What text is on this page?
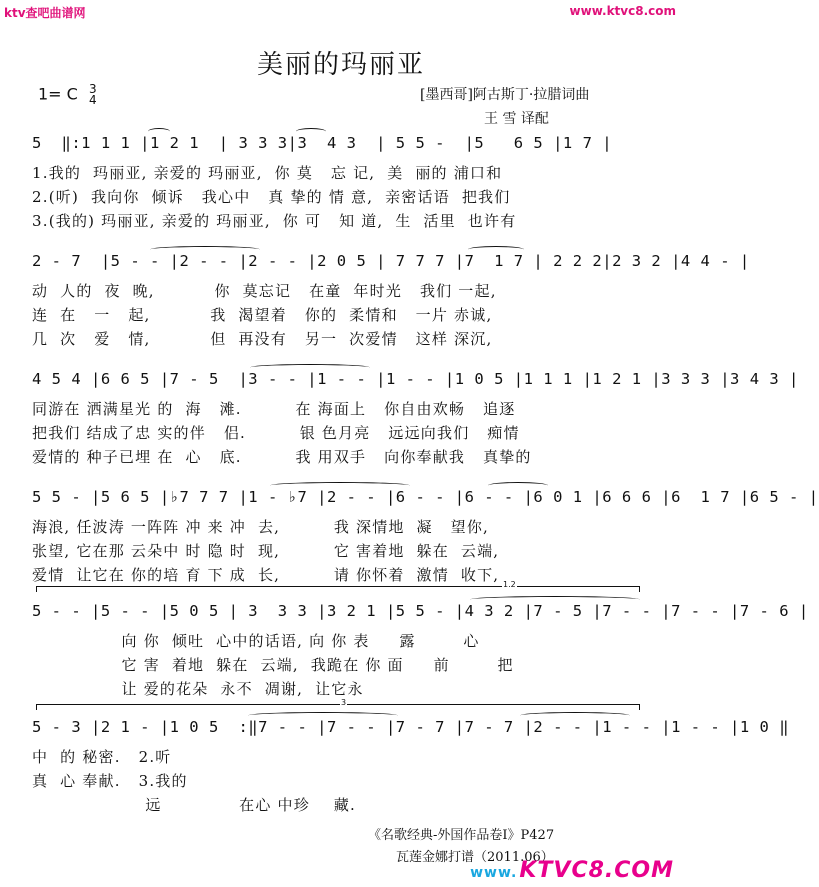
ktv查吧曲谱网	www.ktvc8.com
美丽的玛丽亚
1= C 3
4	[墨西哥]阿古斯丁·拉腊词曲
王 雪 译配
5  ‖:1 1 1 |1 2 1  | 3 3 3|3  4 3  | 5 5 -  |5   6 5 |1 7 |
1.我的  玛丽亚, 亲爱的 玛丽亚,  你 莫   忘 记,  美  丽的 浦口和
2.(听)  我向你  倾诉   我心中   真 挚的 情 意,  亲密话语  把我们
3.(我的) 玛丽亚, 亲爱的 玛丽亚,  你 可   知 道,  生  活里  也许有
2 - 7  |5 - - |2 - - |2 - - |2 0 5 | 7 7 7 |7  1 7 | 2 2 2|2 3 2 |4 4 - |
动  人的  夜  晚,          你  莫忘记   在童  年时光   我们 一起,
连  在   一   起,          我  渴望着   你的  柔情和   一片 赤诚,
几  次   爱   情,          但  再没有   另一  次爱情   这样 深沉,
4 5 4 |6 6 5 |7 - 5  |3 - - |1 - - |1 - - |1 0 5 |1 1 1 |1 2 1 |3 3 3 |3 4 3 |
同游在 洒满星光 的  海   滩.         在 海面上   你自由欢畅   追逐
把我们 结成了忠 实的伴   侣.         银 色月亮   远远向我们   痴情
爱情的 种子已埋 在  心   底.         我 用双手   向你奉献我   真挚的
5 5 - |5 6 5 |♭7 7 7 |1 - ♭7 |2 - - |6 - - |6 - - |6 0 1 |6 6 6 |6  1 7 |6 5 - |
海浪, 任波涛 一阵阵 冲 来 冲  去,         我 深情地  凝   望你,
张望, 它在那 云朵中 时 隐 时  现,         它 害着地  躲在  云端,
爱情  让它在 你的培 育 下 成  长,         请 你怀着  激情  收下,
1.2
5 - - |5 - - |5 0 5 | 3  3 3 |3 2 1 |5 5 - |4 3 2 |7 - 5 |7 - - |7 - - |7 - 6 |
向 你  倾吐  心中的话语, 向 你 表     露        心
它 害  着地  躲在  云端,  我跪在 你 面     前        把
让 爱的花朵  永不  凋谢,  让它永
3
5 - 3 |2 1 - |1 0 5  :‖7 - - |7 - - |7 - 7 |7 - 7 |2 - - |1 - - |1 - - |1 0 ‖
中  的 秘密.   2.听
真  心 奉献.   3.我的
远             在心 中珍    藏.
《名歌经典-外国作品卷Ⅰ》P427
瓦莲金娜打谱（2011.06）
www.KTVC8.COM
